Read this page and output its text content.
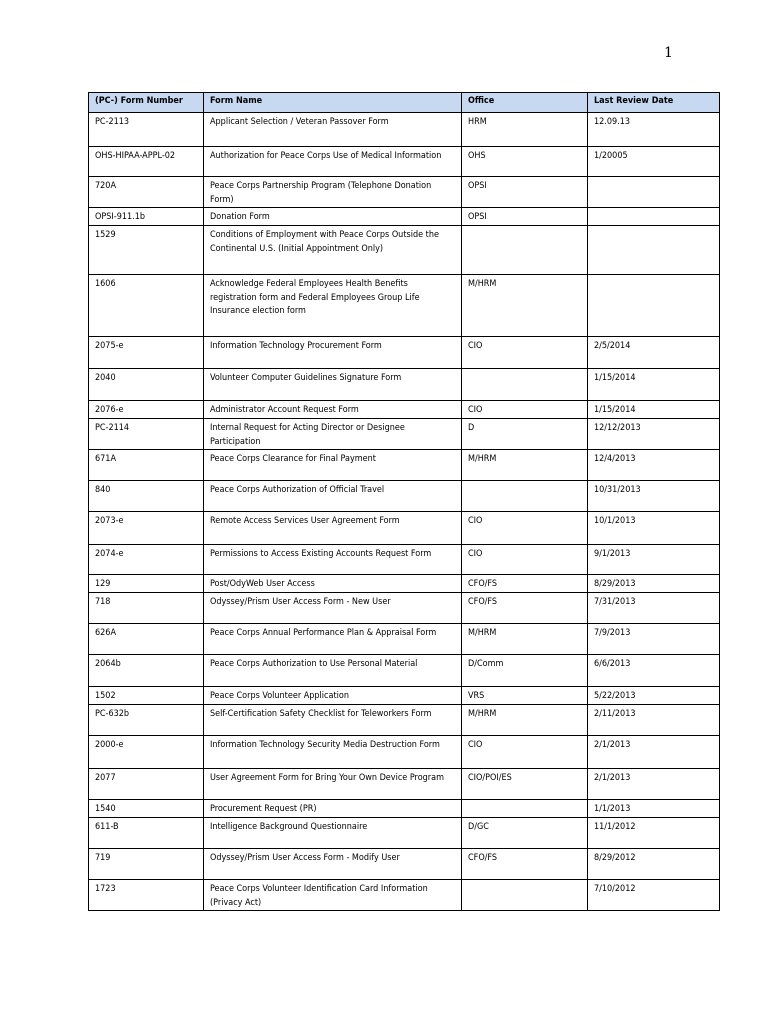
1
(PC-) Form Number	Form Name	Office	Last Review Date
PC-2113	Applicant Selection / Veteran Passover Form	HRM	12.09.13
OHS-HIPAA-APPL-02	Authorization for Peace Corps Use of Medical Information	OHS	1/20005
720A	Peace Corps Partnership Program (Telephone Donation Form)	OPSI	
OPSI-911.1b	Donation Form	OPSI	
1529	Conditions of Employment with Peace Corps Outside the Continental U.S. (Initial Appointment Only)		
1606	Acknowledge Federal Employees Health Benefits registration form and Federal Employees Group Life Insurance election form	M/HRM	
2075-e	Information Technology Procurement Form	CIO	2/5/2014
2040	Volunteer Computer Guidelines Signature Form		1/15/2014
2076-e	Administrator Account Request Form	CIO	1/15/2014
PC-2114	Internal Request for Acting Director or Designee Participation	D	12/12/2013
671A	Peace Corps Clearance for Final Payment	M/HRM	12/4/2013
840	Peace Corps Authorization of Official Travel		10/31/2013
2073-e	Remote Access Services User Agreement Form	CIO	10/1/2013
2074-e	Permissions to Access Existing Accounts Request Form	CIO	9/1/2013
129	Post/OdyWeb User Access	CFO/FS	8/29/2013
718	Odyssey/Prism User Access Form - New User	CFO/FS	7/31/2013
626A	Peace Corps Annual Performance Plan & Appraisal Form	M/HRM	7/9/2013
2064b	Peace Corps Authorization to Use Personal Material	D/Comm	6/6/2013
1502	Peace Corps Volunteer Application	VRS	5/22/2013
PC-632b	Self-Certification Safety Checklist for Teleworkers Form	M/HRM	2/11/2013
2000-e	Information Technology Security Media Destruction Form	CIO	2/1/2013
2077	User Agreement Form for Bring Your Own Device Program	CIO/POI/ES	2/1/2013
1540	Procurement Request (PR)		1/1/2013
611-B	Intelligence Background Questionnaire	D/GC	11/1/2012
719	Odyssey/Prism User Access Form - Modify User	CFO/FS	8/29/2012
1723	Peace Corps Volunteer Identification Card Information (Privacy Act)		7/10/2012
